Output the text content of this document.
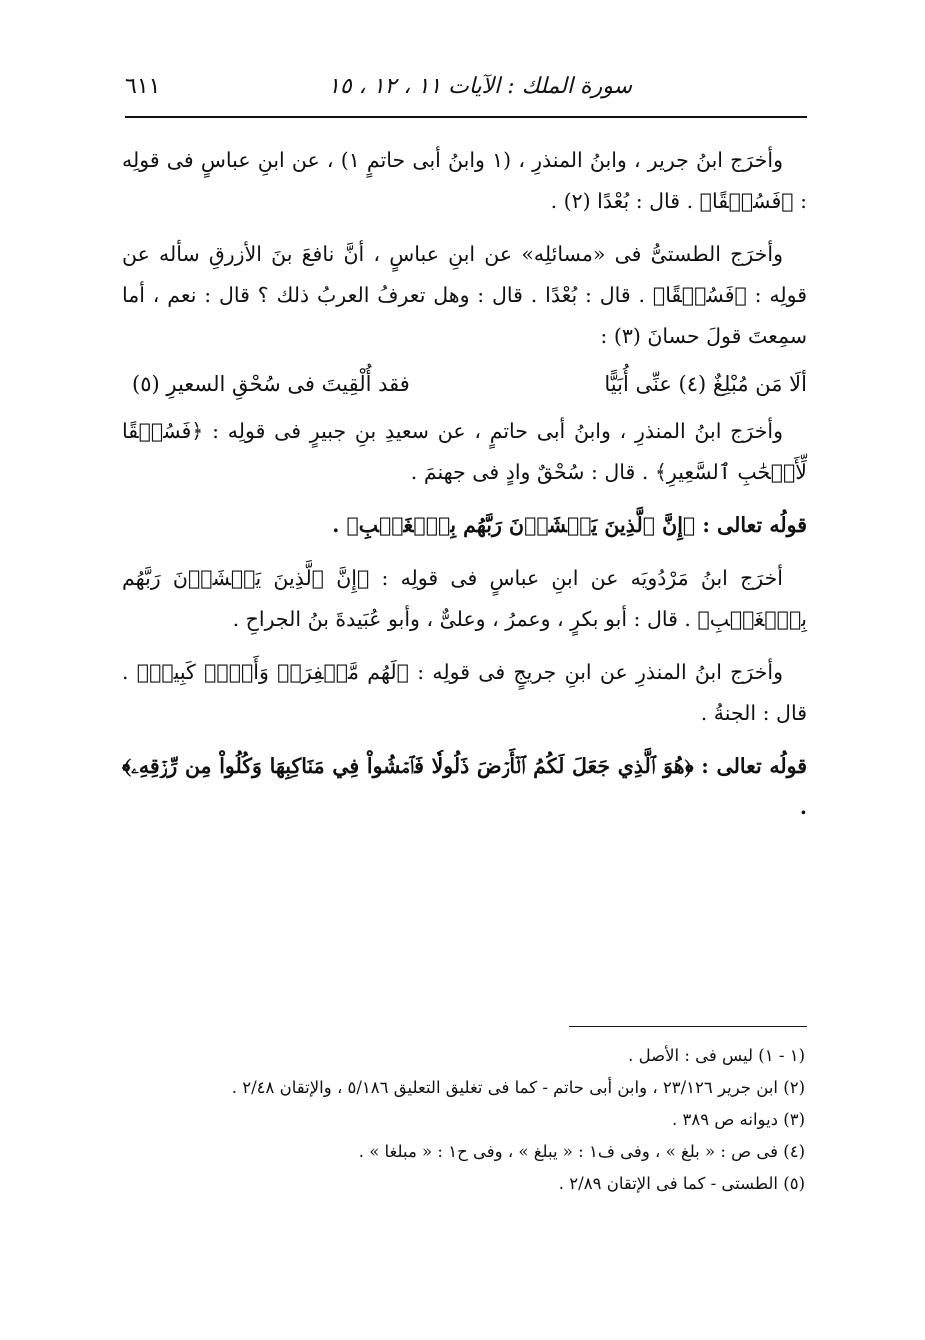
سورة الملك : الآيات ١١ ، ١٢ ، ١٥
٦١١

وأخرَج ابنُ جرير ، وابنُ المنذرِ ، (١ وابنُ أبى حاتمٍ ١) ، عن ابنِ عباسٍ فى قولِه : ﴿فَسُحۡقًا﴾ . قال : بُعْدًا (٢) .

وأخرَج الطستىُّ فى «مسائلِه» عن ابنِ عباسٍ ، أنَّ نافعَ بنَ الأزرقِ سأله عن قولِه : ﴿فَسُحۡقًا﴾ . قال : بُعْدًا . قال : وهل تعرفُ العربُ ذلك ؟ قال : نعم ، أما سمِعتَ قولَ حسانَ (٣) :

ألَا مَن مُبْلِغٌ (٤) عنِّى أُبَيًّا
فقد أُلْقِيتَ فى سُحْقِ السعيرِ (٥)

وأخرَج ابنُ المنذرِ ، وابنُ أبى حاتمٍ ، عن سعيدِ بنِ جبيرٍ فى قولِه : ﴿فَسُحۡقًا لِّأَصۡحَٰبِ ٱلسَّعِيرِ﴾ . قال : سُحْقٌ وادٍ فى جهنمَ .

قولُه تعالى : ﴿إِنَّ ٱلَّذِينَ يَخۡشَوۡنَ رَبَّهُم بِٱلۡغَيۡبِ﴾ .

أخرَج ابنُ مَرْدُويَه عن ابنِ عباسٍ فى قولِه : ﴿إِنَّ ٱلَّذِينَ يَخۡشَوۡنَ رَبَّهُم بِٱلۡغَيۡبِ﴾ . قال : أبو بكرٍ ، وعمرُ ، وعلىٌّ ، وأبو عُبَيدةَ بنُ الجراحِ .

وأخرَج ابنُ المنذرِ عن ابنِ جريجٍ فى قولِه : ﴿لَهُم مَّغۡفِرَةٞ وَأَجۡرٞ كَبِيرٞ﴾ . قال : الجنةُ .

قولُه تعالى : ﴿هُوَ ٱلَّذِي جَعَلَ لَكُمُ ٱلۡأَرۡضَ ذَلُولٗا فَٱمۡشُواْ فِي مَنَاكِبِهَا وَكُلُواْ مِن رِّزۡقِهِۦ﴾ .

(١ - ١) ليس فى : الأصل .

(٢) ابن جرير ٢٣/١٢٦ ، وابن أبى حاتم - كما فى تغليق التعليق ٥/١٨٦ ، والإتقان ٢/٤٨ .

(٣) ديوانه ص ٣٨٩ .

(٤) فى ص : « بلغ » ، وفى ف١ : « يبلغ » ، وفى ح١ : « مبلغا » .

(٥) الطستى - كما فى الإتقان ٢/٨٩ .
